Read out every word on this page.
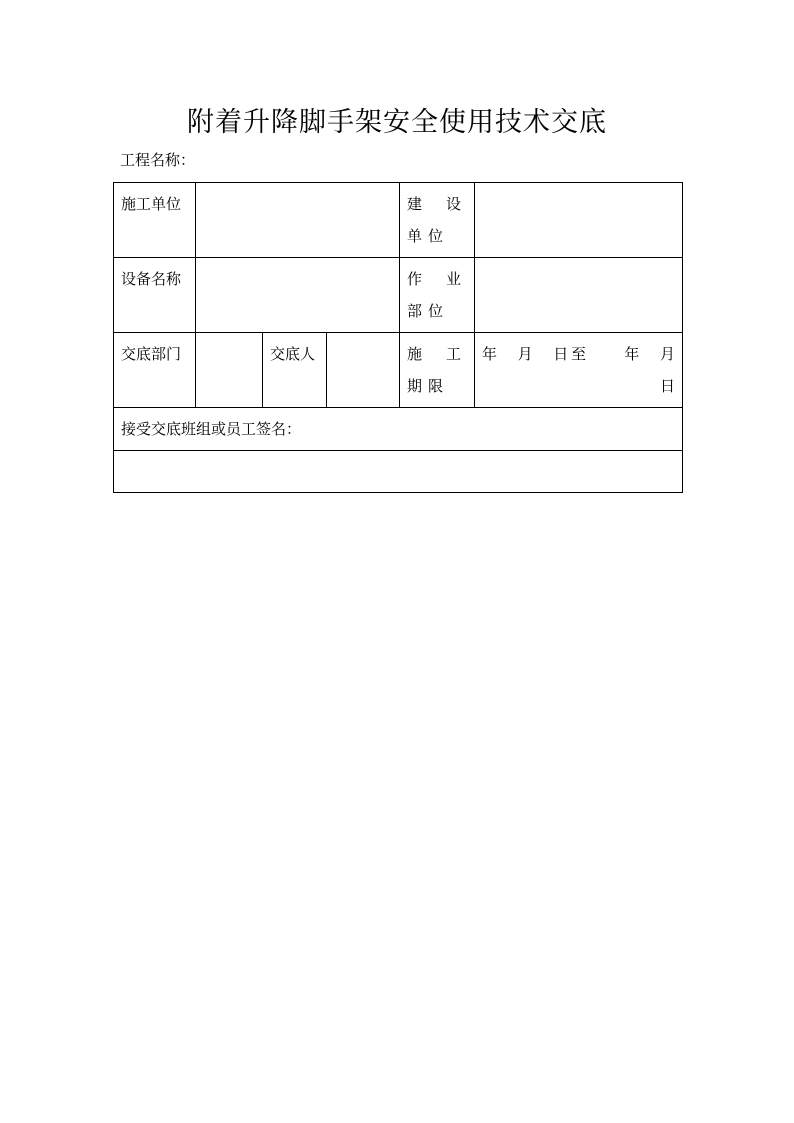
附着升降脚手架安全使用技术交底
工程名称：
施工单位				建设单位	
设备名称				作业部位	
交底部门		交底人		施工期限	年　月　日至　　年　月　日
接受交底班组或员工签名：					
